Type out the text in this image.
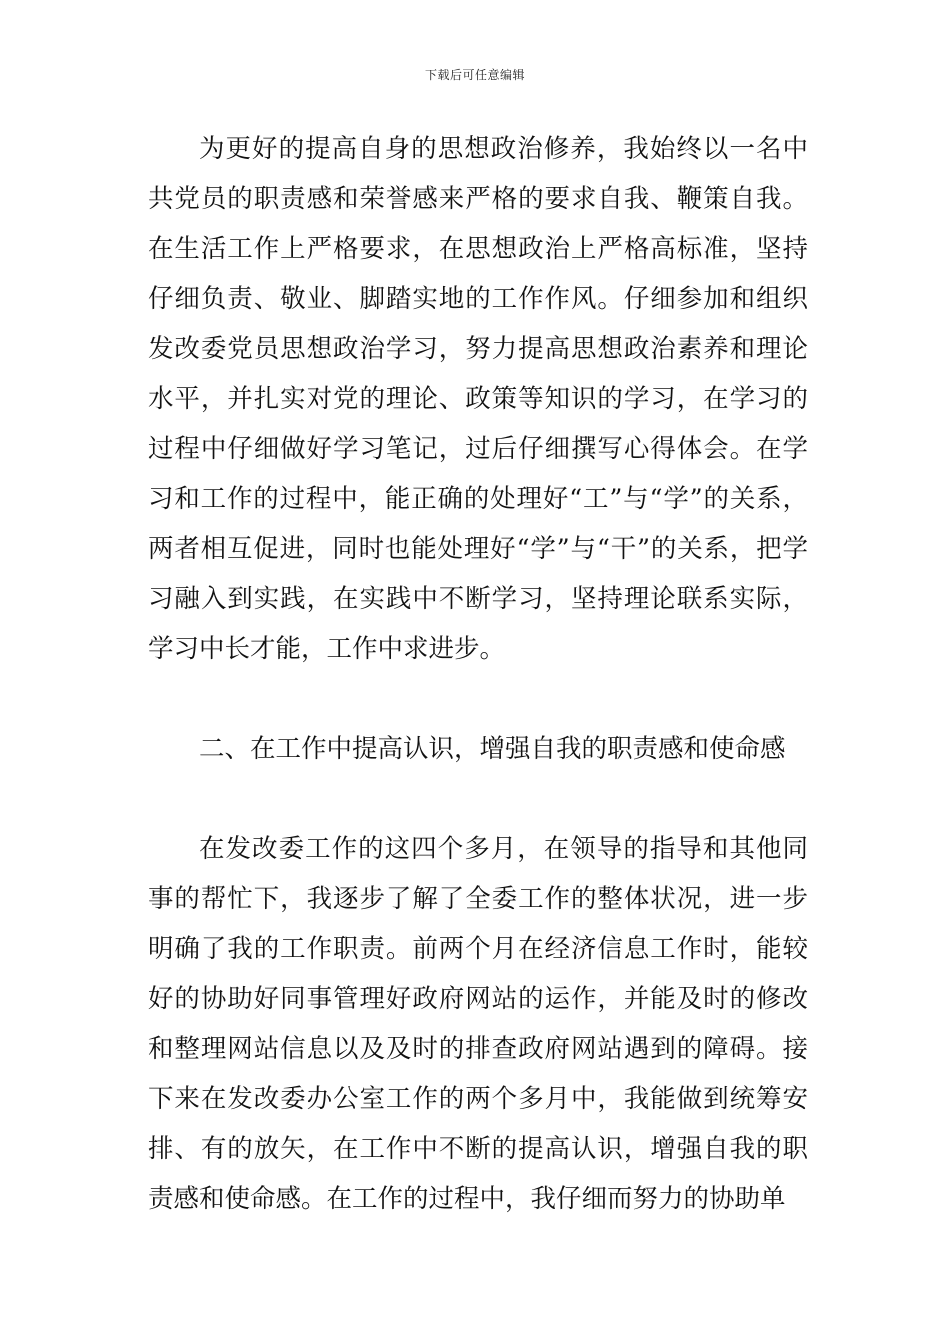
下载后可任意编辑

为更好的提高自身的思想政治修养，我始终以一名中共党员的职责感和荣誉感来严格的要求自我、鞭策自我。在生活工作上严格要求，在思想政治上严格高标准，坚持仔细负责、敬业、脚踏实地的工作作风。仔细参加和组织发改委党员思想政治学习，努力提高思想政治素养和理论水平，并扎实对党的理论、政策等知识的学习，在学习的过程中仔细做好学习笔记，过后仔细撰写心得体会。在学习和工作的过程中，能正确的处理好“工”与“学”的关系，两者相互促进，同时也能处理好“学”与“干”的关系，把学习融入到实践，在实践中不断学习，坚持理论联系实际，学习中长才能，工作中求进步。

二、在工作中提高认识，增强自我的职责感和使命感

在发改委工作的这四个多月，在领导的指导和其他同事的帮忙下，我逐步了解了全委工作的整体状况，进一步明确了我的工作职责。前两个月在经济信息工作时，能较好的协助好同事管理好政府网站的运作，并能及时的修改和整理网站信息以及及时的排查政府网站遇到的障碍。接下来在发改委办公室工作的两个多月中，我能做到统筹安排、有的放矢，在工作中不断的提高认识，增强自我的职责感和使命感。在工作的过程中，我仔细而努力的协助单
